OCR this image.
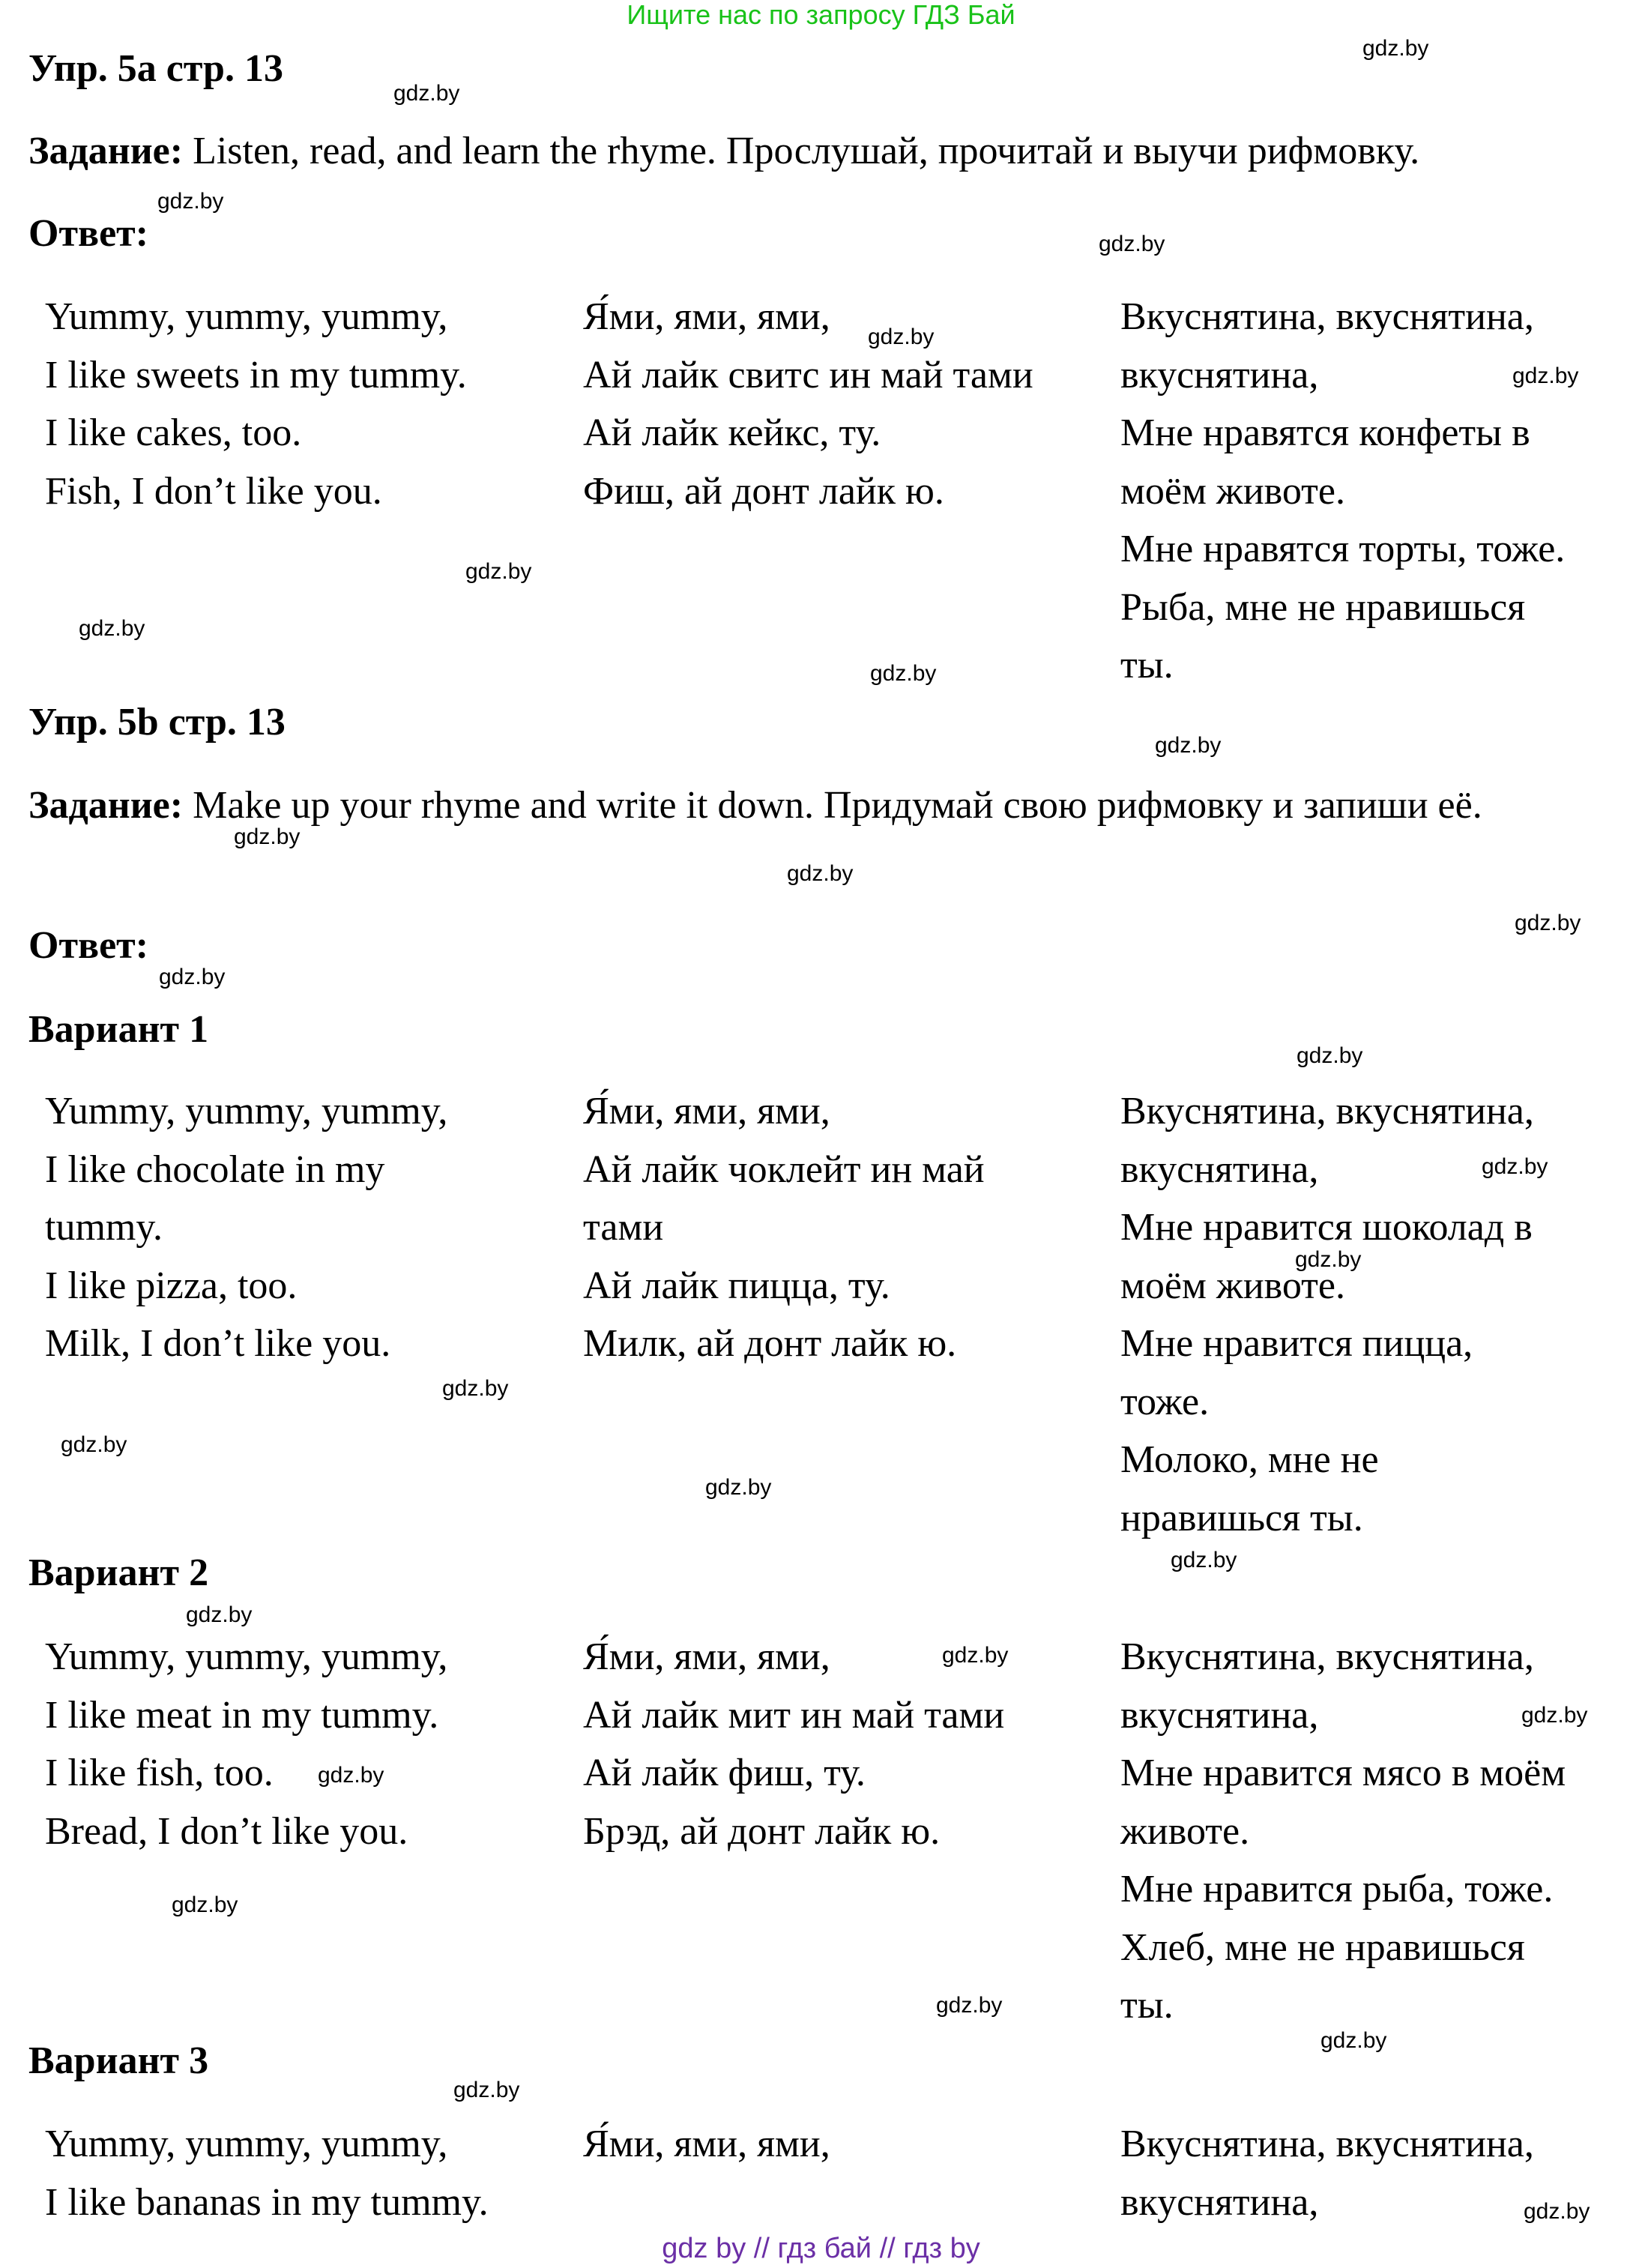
Ищите нас по запросу ГДЗ Бай
Упр. 5a стр. 13
Задание: Listen, read, and learn the rhyme. Прослушай, прочитай и выучи рифмовку.
Ответ:
Yummy, yummy, yummy,
I like sweets in my tummy.
I like cakes, too.
Fish, I don’t like you.
Я́ми, ями, ями,
Ай лайк свитс ин май тами
Ай лайк кейкс, ту.
Фиш, ай донт лайк ю.
Вкуснятина, вкуснятина,
вкуснятина,
Мне нравятся конфеты в
моём животе.
Мне нравятся торты, тоже.
Рыба, мне не нравишься
ты.
Упр. 5b стр. 13
Задание: Make up your rhyme and write it down. Придумай свою рифмовку и запиши её.
Ответ:
Вариант 1
Yummy, yummy, yummy,
I like chocolate in my
tummy.
I like pizza, too.
Milk, I don’t like you.
Я́ми, ями, ями,
Ай лайк чоклейт ин май
тами
Ай лайк пицца, ту.
Милк, ай донт лайк ю.
Вкуснятина, вкуснятина,
вкуснятина,
Мне нравится шоколад в
моём животе.
Мне нравится пицца,
тоже.
Молоко, мне не
нравишься ты.
Вариант 2
Yummy, yummy, yummy,
I like meat in my tummy.
I like fish, too.
Bread, I don’t like you.
Я́ми, ями, ями,
Ай лайк мит ин май тами
Ай лайк фиш, ту.
Брэд, ай донт лайк ю.
Вкуснятина, вкуснятина,
вкуснятина,
Мне нравится мясо в моём
животе.
Мне нравится рыба, тоже.
Хлеб, мне не нравишься
ты.
Вариант 3
Yummy, yummy, yummy,
I like bananas in my tummy.
Я́ми, ями, ями,	Вкуснятина, вкуснятина,
вкуснятина,
gdz.by
gdz.by
gdz.by
gdz.by
gdz.by
gdz.by
gdz.by
gdz.by
gdz.by
gdz.by
gdz.by
gdz.by
gdz.by
gdz.by
gdz.by
gdz.by
gdz.by
gdz.by
gdz.by
gdz.by
gdz.by
gdz.by
gdz.by
gdz.by
gdz.by
gdz.by
gdz.by
gdz.by
gdz.by
gdz.by
gdz by // гдз бай // гдз by
